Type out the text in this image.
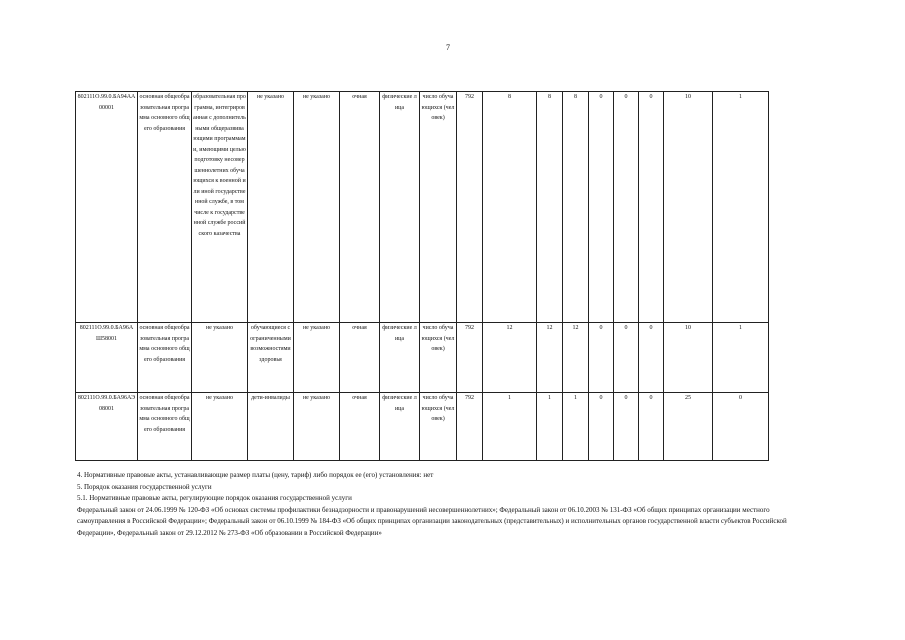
7
802111О.99.0.БА94АА00001	основная общеобразовательная программа основного общего образования	образовательная программа, интегрированная с дополнительными общеразвивающими программами, имеющими целью подготовку несовершеннолетних обучающихся к военной или иной государственной службе, в том числе к государственной службе российского казачества	не указано	не указано	очная	физические лица	число обучающихся (человек)	792	8	8	8	0	0	0	10	1
802111О.99.0.БА96АШ58001	основная общеобразовательная программа основного общего образования	не указано	обучающиеся с ограниченными возможностями здоровья	не указано	очная	физические лица	число обучающихся (человек)	792	12	12	12	0	0	0	10	1
802111О.99.0.БА96АЭ08001	основная общеобразовательная программа основного общего образования	не указано	дети-инвалиды	не указано	очная	физические лица	число обучающихся (человек)	792	1	1	1	0	0	0	25	0

4. Нормативные правовые акты, устанавливающие размер платы (цену, тариф) либо порядок ее (его) установления: нет

5. Порядок оказания государственной услуги

5.1. Нормативные правовые акты, регулирующие порядок оказания государственной услуги

Федеральный закон от 24.06.1999 № 120-ФЗ «Об основах системы профилактики безнадзорности и правонарушений несовершеннолетних»; Федеральный закон от 06.10.2003 № 131-ФЗ «Об общих принципах организации местного самоуправления в Российской Федерации»; Федеральный закон от 06.10.1999 № 184-ФЗ «Об общих принципах организации законодательных (представительных) и исполнительных органов государственной власти субъектов Российской Федерации», Федеральный закон от 29.12.2012 № 273-ФЗ «Об образовании в Российской Федерации»
